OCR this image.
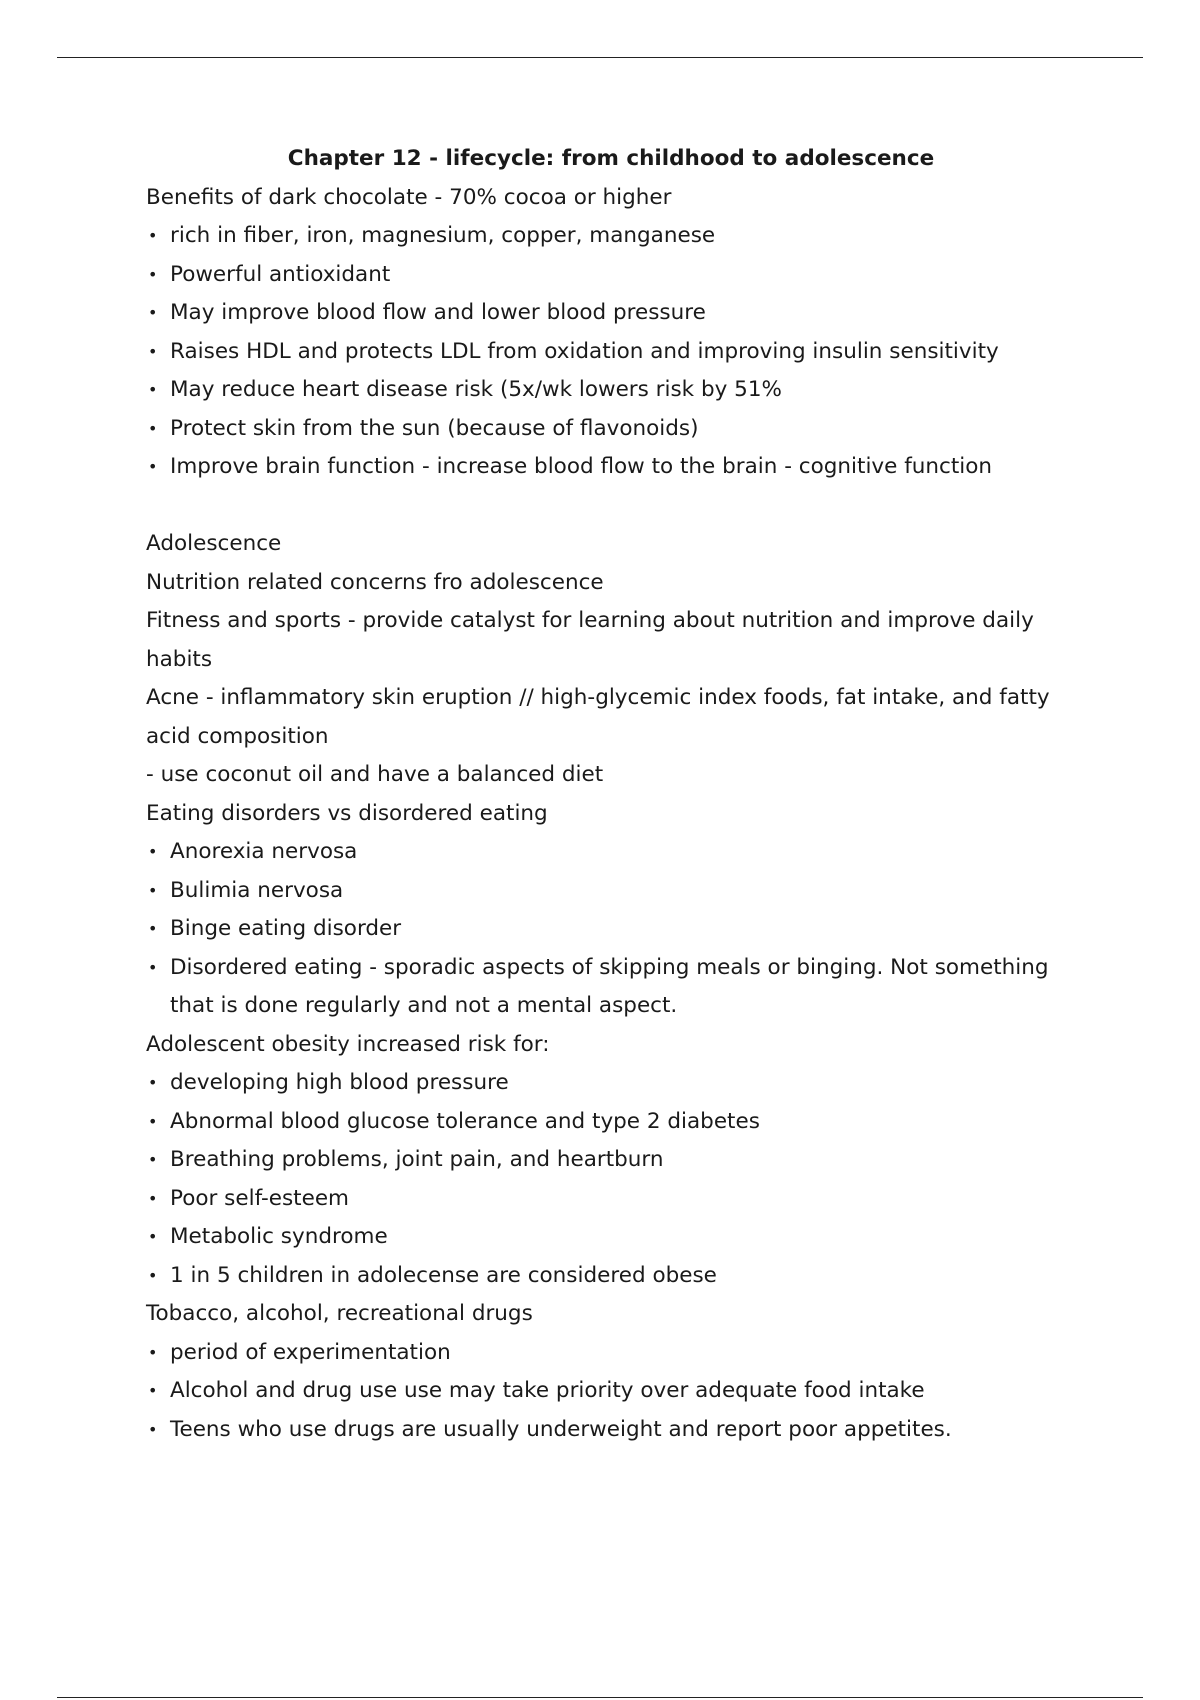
Chapter 12 - lifecycle: from childhood to adolescence

Benefits of dark chocolate - 70% cocoa or higher

• rich in fiber, iron, magnesium, copper, manganese
• Powerful antioxidant
• May improve blood flow and lower blood pressure
• Raises HDL and protects LDL from oxidation and improving insulin sensitivity
• May reduce heart disease risk (5x/wk lowers risk by 51%
• Protect skin from the sun (because of flavonoids)
• Improve brain function - increase blood flow to the brain - cognitive function

Adolescence

Nutrition related concerns fro adolescence

Fitness and sports - provide catalyst for learning about nutrition and improve daily habits

Acne - inflammatory skin eruption // high-glycemic index foods, fat intake, and fatty acid composition

- use coconut oil and have a balanced diet

Eating disorders vs disordered eating

• Anorexia nervosa
• Bulimia nervosa
• Binge eating disorder
• Disordered eating - sporadic aspects of skipping meals or binging. Not something that is done regularly and not a mental aspect.

Adolescent obesity increased risk for:

• developing high blood pressure
• Abnormal blood glucose tolerance and type 2 diabetes
• Breathing problems, joint pain, and heartburn
• Poor self-esteem
• Metabolic syndrome
• 1 in 5 children in adolecense are considered obese

Tobacco, alcohol, recreational drugs

• period of experimentation
• Alcohol and drug use use may take priority over adequate food intake
• Teens who use drugs are usually underweight and report poor appetites.
